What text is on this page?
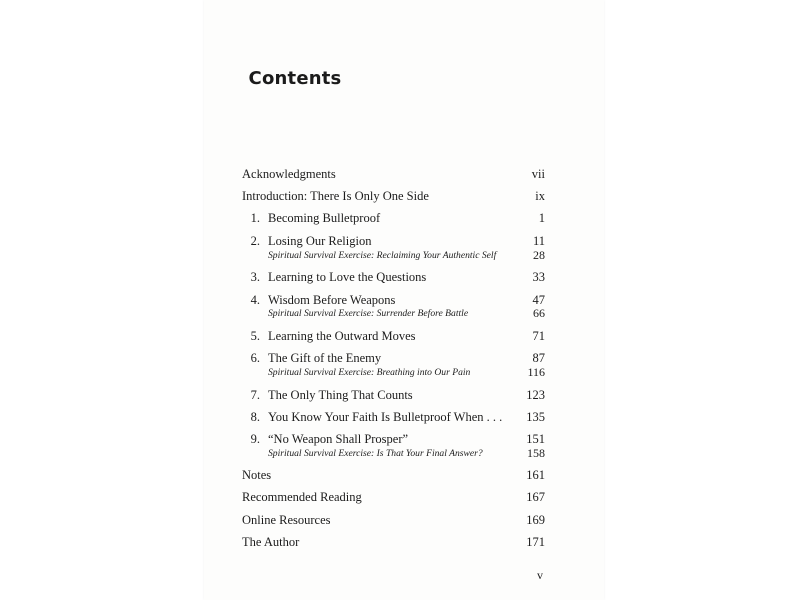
Contents
Acknowledgments	vii
Introduction: There Is Only One Side	ix
1. Becoming Bulletproof	1
2. Losing Our Religion	11
Spiritual Survival Exercise: Reclaiming Your Authentic Self	28
3. Learning to Love the Questions	33
4. Wisdom Before Weapons	47
Spiritual Survival Exercise: Surrender Before Battle	66
5. Learning the Outward Moves	71
6. The Gift of the Enemy	87
Spiritual Survival Exercise: Breathing into Our Pain	116
7. The Only Thing That Counts	123
8. You Know Your Faith Is Bulletproof When . . . 135
9. “No Weapon Shall Prosper”	151
Spiritual Survival Exercise: Is That Your Final Answer?	158
Notes	161
Recommended Reading	167
Online Resources	169
The Author	171
v
